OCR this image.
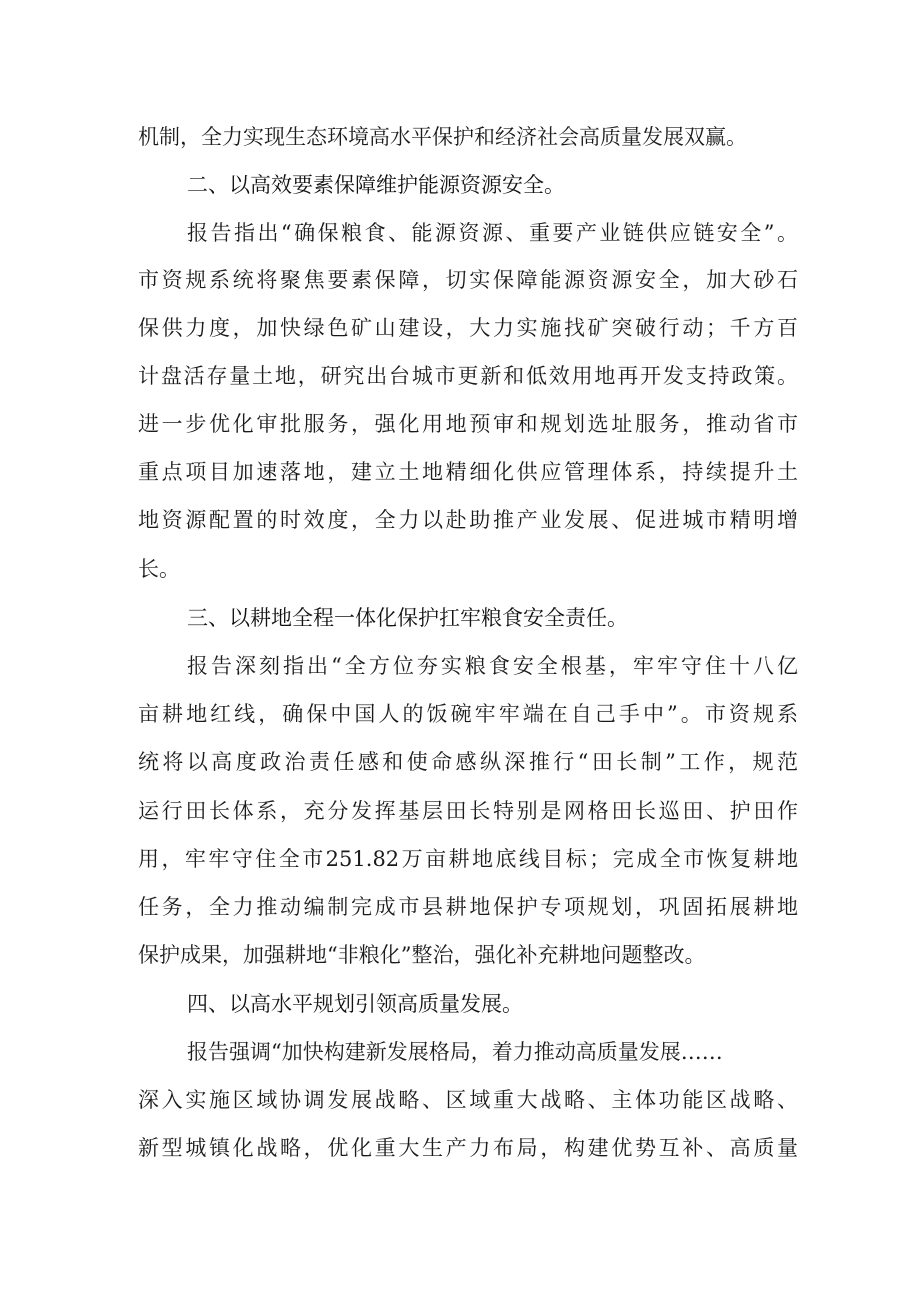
机制，全力实现生态环境高水平保护和经济社会高质量发展双赢。
二、以高效要素保障维护能源资源安全。
报告指出“确保粮食、能源资源、重要产业链供应链安全”。
市资规系统将聚焦要素保障，切实保障能源资源安全，加大砂石
保供力度，加快绿色矿山建设，大力实施找矿突破行动；千方百
计盘活存量土地，研究出台城市更新和低效用地再开发支持政策。
进一步优化审批服务，强化用地预审和规划选址服务，推动省市
重点项目加速落地，建立土地精细化供应管理体系，持续提升土
地资源配置的时效度，全力以赴助推产业发展、促进城市精明增
长。
三、以耕地全程一体化保护扛牢粮食安全责任。
报告深刻指出“全方位夯实粮食安全根基，牢牢守住十八亿
亩耕地红线，确保中国人的饭碗牢牢端在自己手中”。市资规系
统将以高度政治责任感和使命感纵深推行“田长制”工作，规范
运行田长体系，充分发挥基层田长特别是网格田长巡田、护田作
用，牢牢守住全市251.82万亩耕地底线目标；完成全市恢复耕地
任务，全力推动编制完成市县耕地保护专项规划，巩固拓展耕地
保护成果，加强耕地“非粮化”整治，强化补充耕地问题整改。
四、以高水平规划引领高质量发展。
报告强调“加快构建新发展格局，着力推动高质量发展……
深入实施区域协调发展战略、区域重大战略、主体功能区战略、
新型城镇化战略，优化重大生产力布局，构建优势互补、高质量
